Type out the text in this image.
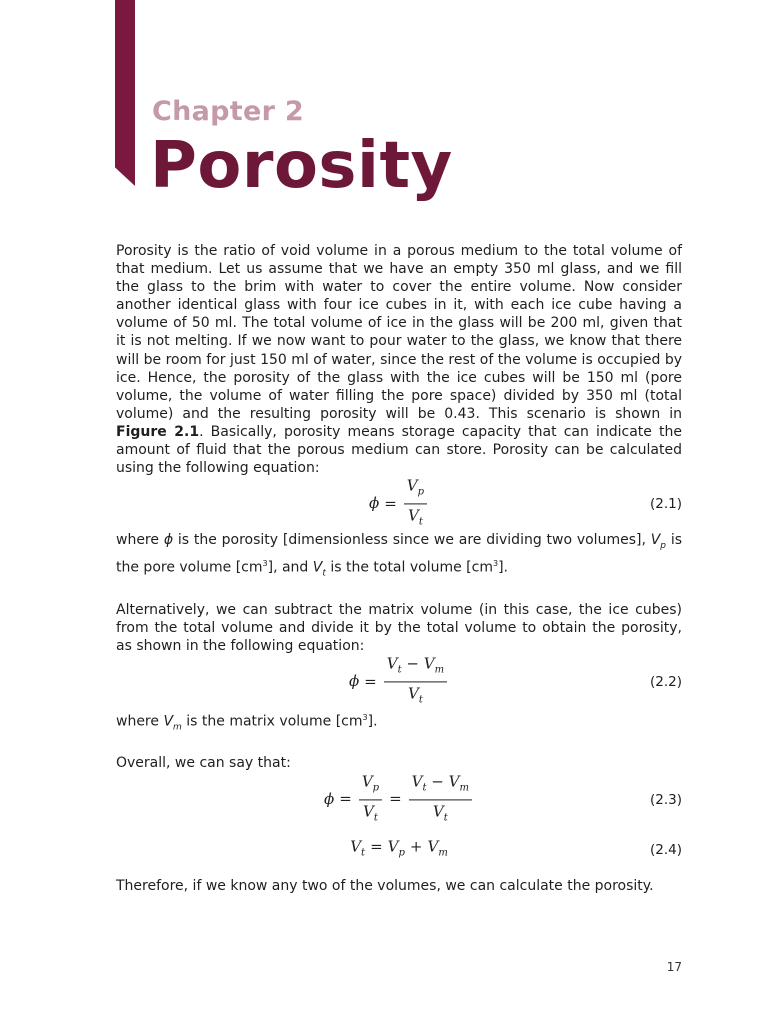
Chapter 2
Porosity

Porosity is the ratio of void volume in a porous medium to the total volume of that medium. Let us assume that we have an empty 350 ml glass, and we fill the glass to the brim with water to cover the entire volume. Now consider another identical glass with four ice cubes in it, with each ice cube having a volume of 50 ml. The total volume of ice in the glass will be 200 ml, given that it is not melting. If we now want to pour water to the glass, we know that there will be room for just 150 ml of water, since the rest of the volume is occupied by ice. Hence, the porosity of the glass with the ice cubes will be 150 ml (pore volume, the volume of water filling the pore space) divided by 350 ml (total volume) and the resulting porosity will be 0.43. This scenario is shown in Figure 2.1. Basically, porosity means storage capacity that can indicate the amount of fluid that the porous medium can store. Porosity can be calculated using the following equation:

$\phi = \frac{V_p}{V_t}$	(2.1)

where ϕ is the porosity [dimensionless since we are dividing two volumes], $V_p$ is the pore volume $[cm^3]$, and $V_t$ is the total volume $[cm^3]$.

Alternatively, we can subtract the matrix volume (in this case, the ice cubes) from the total volume and divide it by the total volume to obtain the porosity, as shown in the following equation:

$\phi = \frac{V_t - V_m}{V_t}$	(2.2)

where $V_m$ is the matrix volume $[cm^3]$.

Overall, we can say that:

$\phi = \frac{V_p}{V_t} = \frac{V_t - V_m}{V_t}$	(2.3)
$V_t = V_p + V_m$	(2.4)

Therefore, if we know any two of the volumes, we can calculate the porosity.

17
